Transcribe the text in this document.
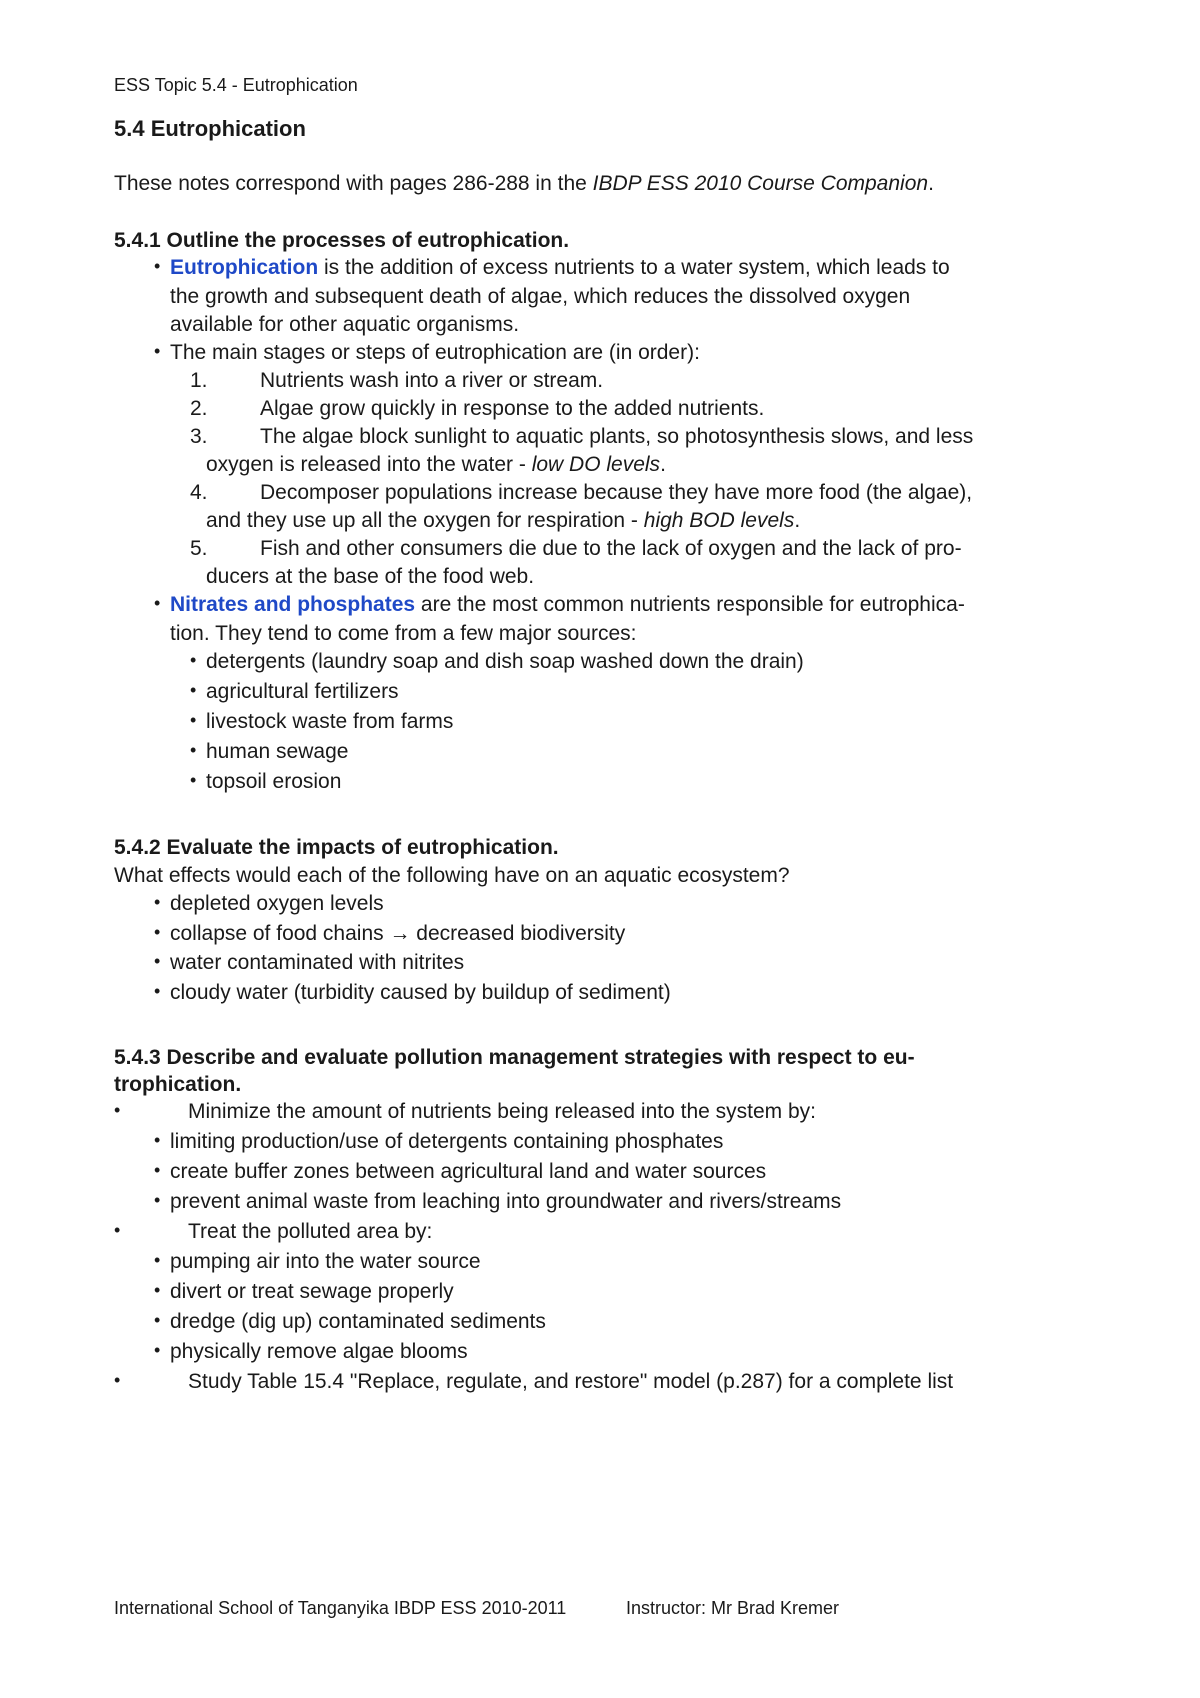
ESS Topic 5.4 - Eutrophication
5.4 Eutrophication
These notes correspond with pages 286-288 in the IBDP ESS 2010 Course Companion.
5.4.1 Outline the processes of eutrophication.
• Eutrophication is the addition of excess nutrients to a water system, which leads to
the growth and subsequent death of algae, which reduces the dissolved oxygen
available for other aquatic organisms.
• The main stages or steps of eutrophication are (in order):
1. Nutrients wash into a river or stream.
2. Algae grow quickly in response to the added nutrients.
3. The algae block sunlight to aquatic plants, so photosynthesis slows, and less
oxygen is released into the water - low DO levels.
4. Decomposer populations increase because they have more food (the algae),
and they use up all the oxygen for respiration - high BOD levels.
5. Fish and other consumers die due to the lack of oxygen and the lack of pro-
ducers at the base of the food web.
• Nitrates and phosphates are the most common nutrients responsible for eutrophica-
tion. They tend to come from a few major sources:
• detergents (laundry soap and dish soap washed down the drain)
• agricultural fertilizers
• livestock waste from farms
• human sewage
• topsoil erosion
5.4.2 Evaluate the impacts of eutrophication.
What effects would each of the following have on an aquatic ecosystem?
• depleted oxygen levels
• collapse of food chains → decreased biodiversity
• water contaminated with nitrites
• cloudy water (turbidity caused by buildup of sediment)
5.4.3 Describe and evaluate pollution management strategies with respect to eu-
trophication.
•	Minimize the amount of nutrients being released into the system by:
• limiting production/use of detergents containing phosphates
• create buffer zones between agricultural land and water sources
• prevent animal waste from leaching into groundwater and rivers/streams
•	Treat the polluted area by:
• pumping air into the water source
• divert or treat sewage properly
• dredge (dig up) contaminated sediments
• physically remove algae blooms
•	Study Table 15.4 "Replace, regulate, and restore" model (p.287) for a complete list
International School of Tanganyika IBDP ESS 2010-2011	Instructor: Mr Brad Kremer
